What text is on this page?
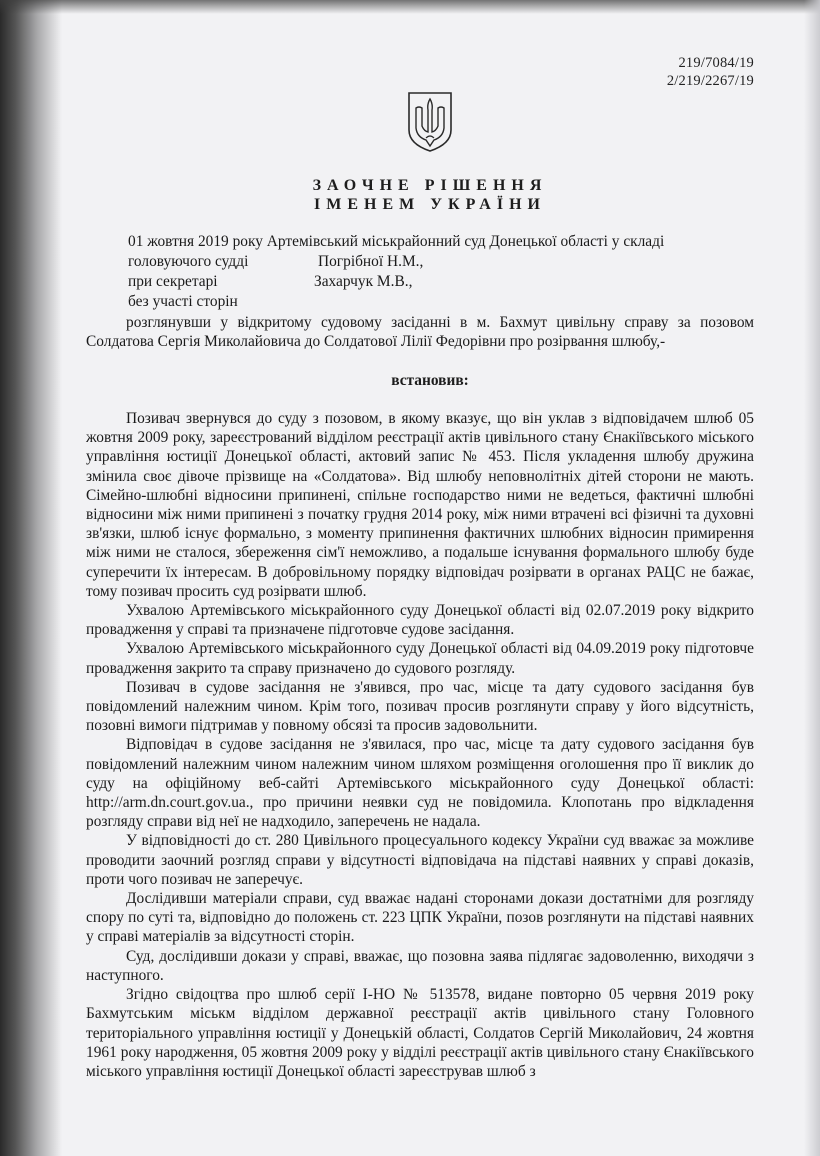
219/7084/19
2/219/2267/19
ЗАОЧНЕ РІШЕННЯ
ІМЕНЕМ УКРАЇНИ
01 жовтня 2019 року Артемівський міськрайонний суд Донецької області у складі
головуючого судді	Погрібної Н.М.,
при секретарі	Захарчук М.В.,
без участі сторін

розглянувши у відкритому судовому засіданні в м. Бахмут цивільну справу за позовом Солдатова Сергія Миколайовича до Солдатової Лілії Федорівни про розірвання шлюбу,-

встановив:

Позивач звернувся до суду з позовом, в якому вказує, що він уклав з відповідачем шлюб 05 жовтня 2009 року, зареєстрований відділом реєстрації актів цивільного стану Єнакіївського міського управління юстиції Донецької області, актовий запис № 453. Після укладення шлюбу дружина змінила своє дівоче прізвище на «Солдатова». Від шлюбу неповнолітніх дітей сторони не мають. Сімейно-шлюбні відносини припинені, спільне господарство ними не ведеться, фактичні шлюбні відносини між ними припинені з початку грудня 2014 року, між ними втрачені всі фізичні та духовні зв'язки, шлюб існує формально, з моменту припинення фактичних шлюбних відносин примирення між ними не сталося, збереження сім'ї неможливо, а подальше існування формального шлюбу буде суперечити їх інтересам. В добровільному порядку відповідач розірвати в органах РАЦС не бажає, тому позивач просить суд розірвати шлюб.

Ухвалою Артемівського міськрайонного суду Донецької області від 02.07.2019 року відкрито провадження у справі та призначене підготовче судове засідання.

Ухвалою Артемівського міськрайонного суду Донецької області від 04.09.2019 року підготовче провадження закрито та справу призначено до судового розгляду.

Позивач в судове засідання не з'явився, про час, місце та дату судового засідання був повідомлений належним чином. Крім того, позивач просив розглянути справу у його відсутність, позовні вимоги підтримав у повному обсязі та просив задовольнити.

Відповідач в судове засідання не з'явилася, про час, місце та дату судового засідання був повідомлений належним чином належним чином шляхом розміщення оголошення про її виклик до суду на офіційному веб-сайті Артемівського міськрайонного суду Донецької області: http://arm.dn.court.gov.ua., про причини неявки суд не повідомила. Клопотань про відкладення розгляду справи від неї не надходило, заперечень не надала.

У відповідності до ст. 280 Цивільного процесуального кодексу України суд вважає за можливе проводити заочний розгляд справи у відсутності відповідача на підставі наявних у справі доказів, проти чого позивач не заперечує.

Дослідивши матеріали справи, суд вважає надані сторонами докази достатніми для розгляду спору по суті та, відповідно до положень ст. 223 ЦПК України, позов розглянути на підставі наявних у справі матеріалів за відсутності сторін.

Суд, дослідивши докази у справі, вважає, що позовна заява підлягає задоволенню, виходячи з наступного.

Згідно свідоцтва про шлюб серії І-НО № 513578, видане повторно 05 червня 2019 року Бахмутським міськм відділом державної реєстрації актів цивільного стану Головного територіального управління юстиції у Донецькій області, Солдатов Сергій Миколайович, 24 жовтня 1961 року народження, 05 жовтня 2009 року у відділі реєстрації актів цивільного стану Єнакіївського міського управління юстиції Донецької області зареєстрував шлюб з
